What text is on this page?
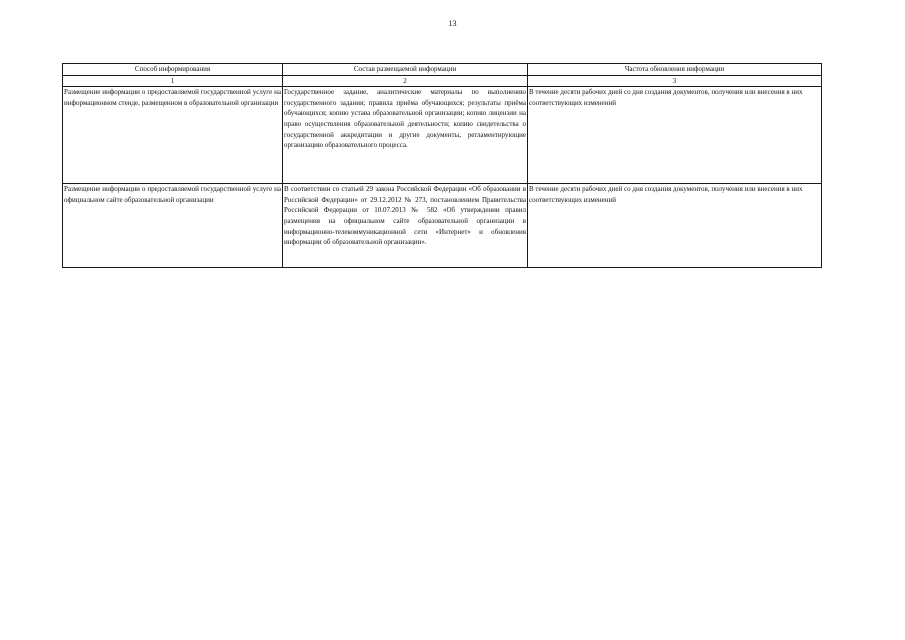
13
Способ информирования	Состав размещаемой информации	Частота обновления информации
1	2	3
Размещение информации о предоставляемой государственной услуге на информационном стенде, размещенном в образовательной организации	Государственное задание, аналитические материалы по выполнению государственного задания; правила приёма обучающихся; результаты приёма обучающихся; копию устава образовательной организации; копию лицензии на право осуществления образовательной деятельности; копию свидетельства о государственной аккредитации и другие документы, регламентирующие организацию образовательного процесса.	В течение десяти рабочих дней со дня создания документов, получения или внесения в них соответствующих изменений
Размещение информации о предоставляемой государственной услуге на официальном сайте образовательной организации	В соответствии со статьей 29 закона Российской Федерации «Об образовании в Российской Федерации» от 29.12.2012 № 273, постановлением Правительства Российской Федерации от 10.07.2013 № 582 «Об утверждении правил размещения на официальном сайте образовательной организации в информационно-телекоммуникационной сети «Интернет» и обновления информации об образовательной организации».	В течение десяти рабочих дней со дня создания документов, получения или внесения в них соответствующих изменений
